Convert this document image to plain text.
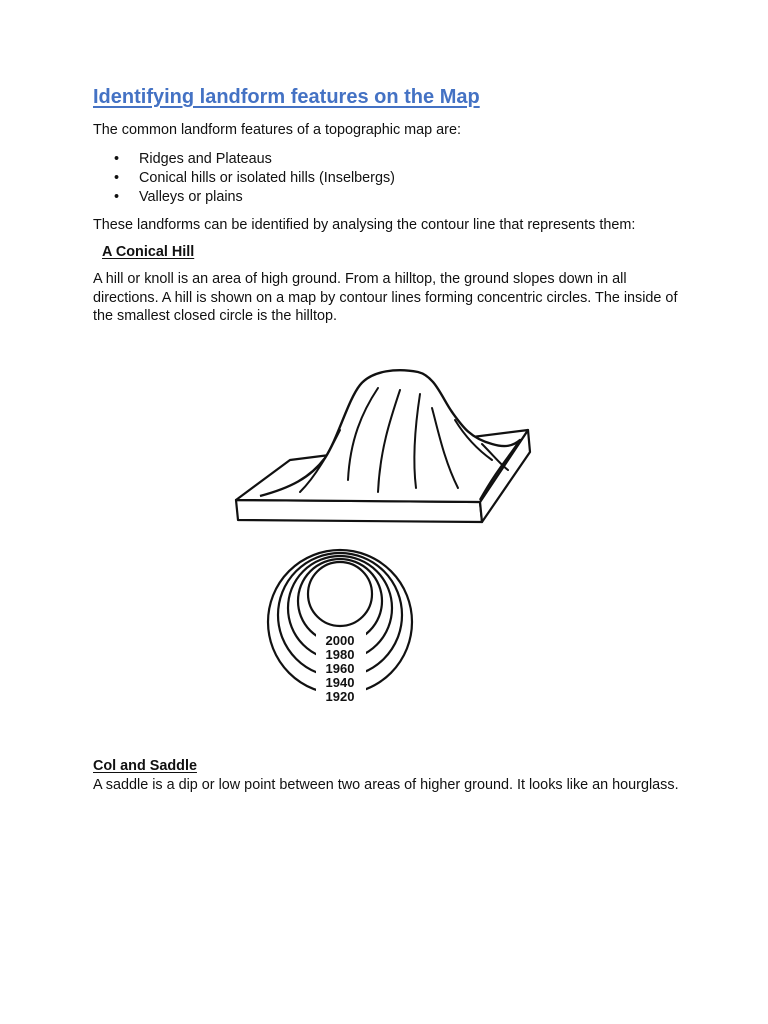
Identifying landform features on the Map

The common landform features of a topographic map are:

• Ridges and Plateaus
• Conical hills or isolated hills (Inselbergs)
• Valleys or plains

These landforms can be identified by analysing the contour line that represents them:

A Conical Hill

A hill or knoll is an area of high ground. From a hilltop, the ground slopes down in all directions. A hill is shown on a map by contour lines forming concentric circles. The inside of the smallest closed circle is the hilltop.

2000
1980
1960
1940
1920
Col and Saddle

A saddle is a dip or low point between two areas of higher ground. It looks like an hourglass.
